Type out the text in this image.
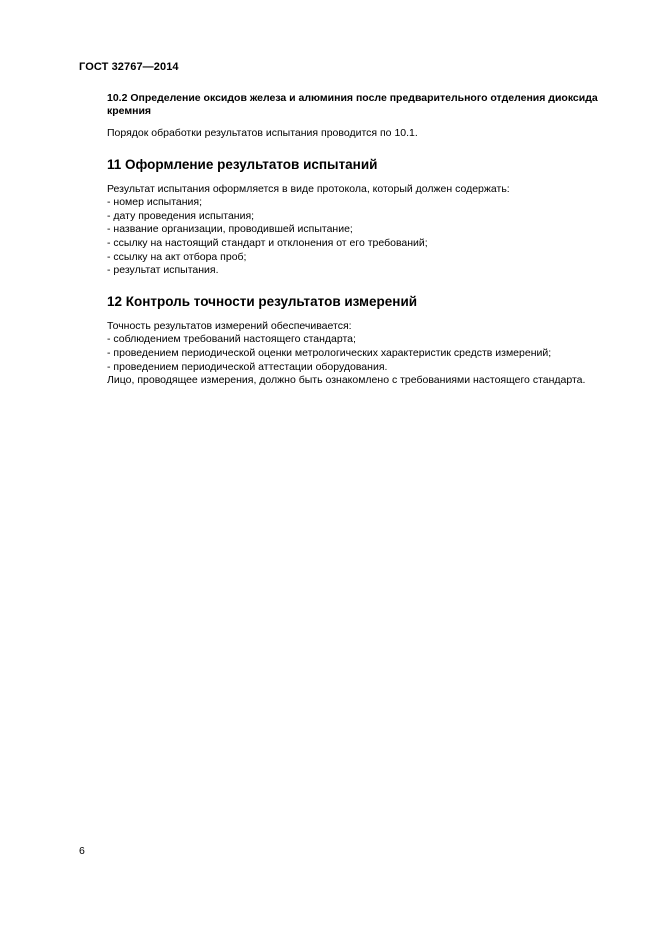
ГОСТ 32767—2014

10.2 Определение оксидов железа и алюминия после предварительного отделения диоксида кремния

Порядок обработки результатов испытания проводится по 10.1.

11 Оформление результатов испытаний

Результат испытания оформляется в виде протокола, который должен содержать:

- номер испытания;
- дату проведения испытания;
- название организации, проводившей испытание;
- ссылку на настоящий стандарт и отклонения от его требований;
- ссылку на акт отбора проб;
- результат испытания.

12 Контроль точности результатов измерений

Точность результатов измерений обеспечивается:

- соблюдением требований настоящего стандарта;
- проведением периодической оценки метрологических характеристик средств измерений;
- проведением периодической аттестации оборудования.

Лицо, проводящее измерения, должно быть ознакомлено с требованиями настоящего стандарта.

6
